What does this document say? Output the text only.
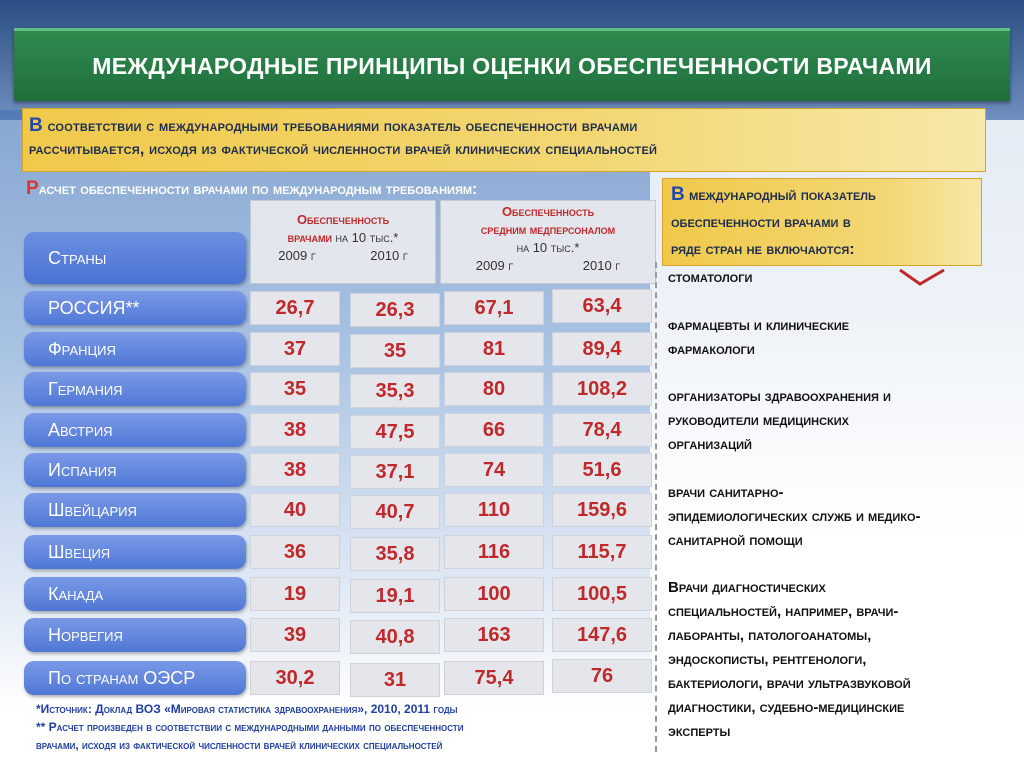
МЕЖДУНАРОДНЫЕ ПРИНЦИПЫ ОЦЕНКИ ОБЕСПЕЧЕННОСТИ ВРАЧАМИ
В соответствии с международными требованиями показатель обеспеченности врачами
рассчитывается, исходя из фактической численности врачей клинических специальностей
Расчет обеспеченности врачами по международным требованиям:
Обеспеченность
врачами на 10 тыс.*
2009 г	2010 г
Обеспеченность
средним медперсоналом
на 10 тыс.*
2009 г	2010 г
Страны
РОССИЯ**	26,7	26,3	67,1	63,4
Франция	37	35	81	89,4
Германия	35	35,3	80	108,2
Австрия	38	47,5	66	78,4
Испания	38	37,1	74	51,6
Швейцария	40	40,7	110	159,6
Швеция	36	35,8	116	115,7
Канада	19	19,1	100	100,5
Норвегия	39	40,8	163	147,6
По странам ОЭСР	30,2	31	75,4	76
*Источник: Доклад ВОЗ «Мировая статистика здравоохранения», 2010, 2011 годы
** Расчет произведен в соответствии с международными данными по обеспеченности
врачами, исходя из фактической численности врачей клинических специальностей
В международный показатель
обеспеченности врачами в
ряде стран не включаются:
стоматологи
фармацевты и клинические
фармакологи
организаторы здравоохранения и
руководители медицинских
организаций
врачи санитарно-
эпидемиологических служб и медико-
санитарной помощи
Врачи диагностических
специальностей, например, врачи-
лаборанты, патологоанатомы,
эндоскописты, рентгенологи,
бактериологи, врачи ультразвуковой
диагностики, судебно-медицинские
эксперты
